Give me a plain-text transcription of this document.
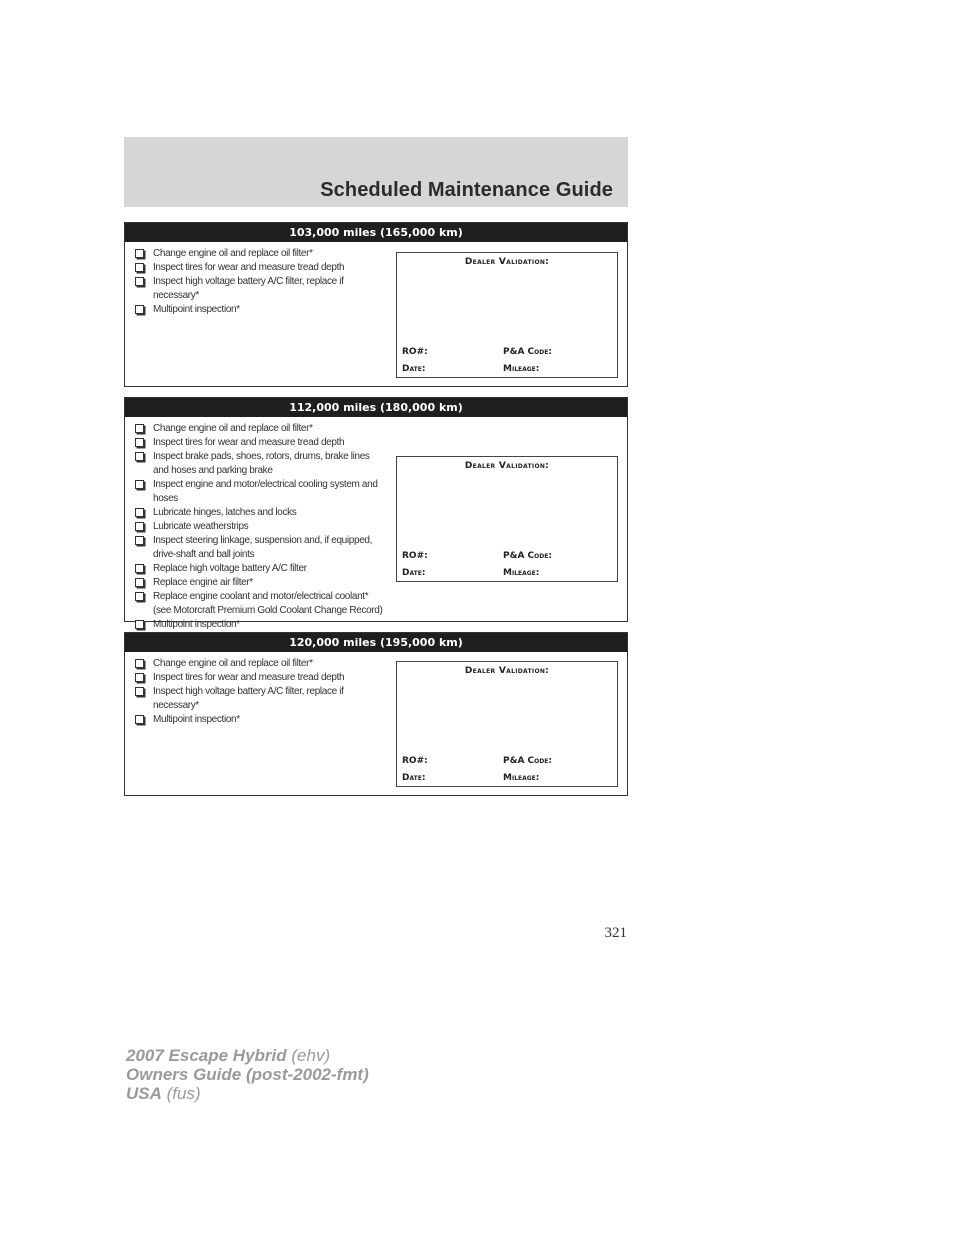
Scheduled Maintenance Guide
103,000 miles (165,000 km)
Change engine oil and replace oil filter*
Inspect tires for wear and measure tread depth
Inspect high voltage battery A/C filter, replace if necessary*
Multipoint inspection*
Dealer Validation:
RO#:	P&A Code:
Date:	Mileage:
112,000 miles (180,000 km)
Change engine oil and replace oil filter*
Inspect tires for wear and measure tread depth
Inspect brake pads, shoes, rotors, drums, brake lines and hoses and parking brake
Inspect engine and motor/electrical cooling system and hoses
Lubricate hinges, latches and locks
Lubricate weatherstrips
Inspect steering linkage, suspension and, if equipped, drive-shaft and ball joints
Replace high voltage battery A/C filter
Replace engine air filter*
Replace engine coolant and motor/electrical coolant* (see Motorcraft Premium Gold Coolant Change Record)
Multipoint inspection*
Dealer Validation:
RO#:	P&A Code:
Date:	Mileage:
120,000 miles (195,000 km)
Change engine oil and replace oil filter*
Inspect tires for wear and measure tread depth
Inspect high voltage battery A/C filter, replace if necessary*
Multipoint inspection*
Dealer Validation:
RO#:	P&A Code:
Date:	Mileage:
321
2007 Escape Hybrid (ehv)
Owners Guide (post-2002-fmt)
USA (fus)
